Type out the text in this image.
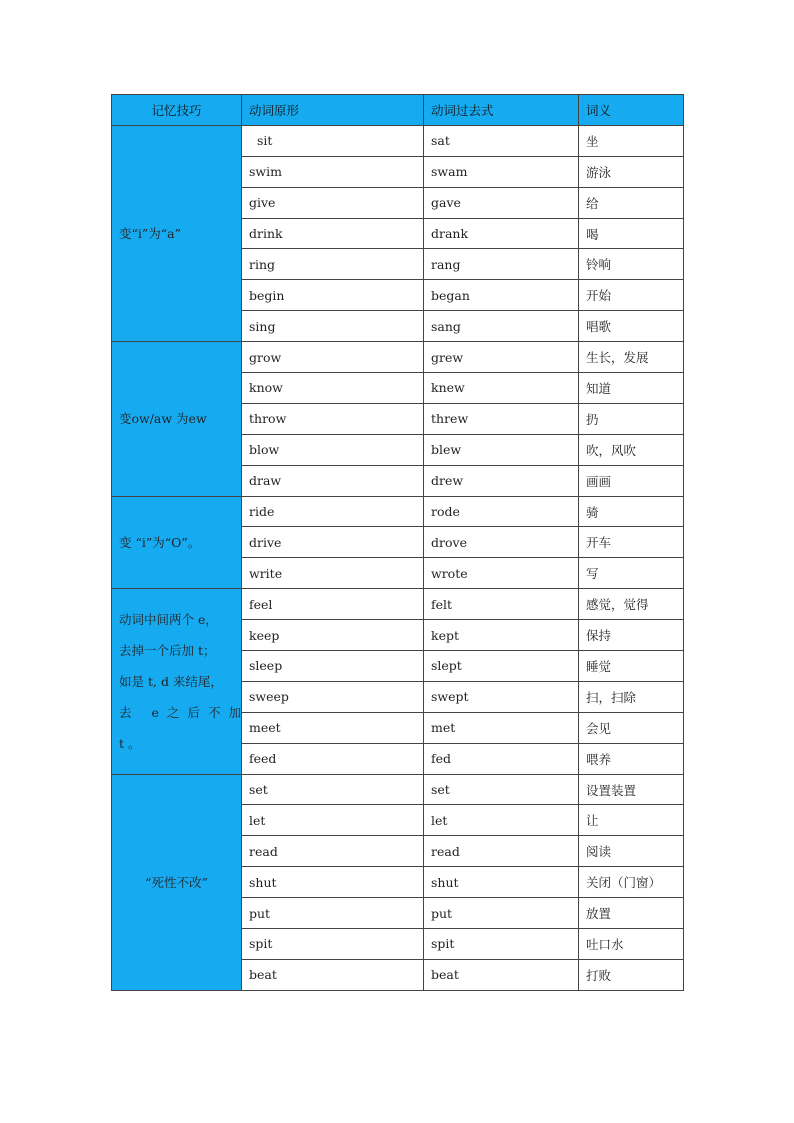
记忆技巧	动词原形	动词过去式	词义

变“i”为“a”	sit	sat	坐
	swim	swam	游泳
	give	gave	给
	drink	drank	喝
	ring	rang	铃响
	begin	began	开始
	sing	sang	唱歌

变ow/aw 为ew	grow	grew	生长，发展
	know	knew	知道
	throw	threw	扔
	blow	blew	吹，风吹
	draw	drew	画画

变 “i”为“O”。	ride	rode	骑
	drive	drove	开车
	write	wrote	写

动词中间两个 e，
去掉一个后加 t；
如是 t, d 来结尾，
去 e之后不加
t 。	feel	felt	感觉，觉得
	keep	kept	保持
	sleep	slept	睡觉
	sweep	swept	扫，扫除
	meet	met	会见
	feed	fed	喂养

“死性不改”	set	set	设置装置
	let	let	让
	read	read	阅读
	shut	shut	关闭（门窗）
	put	put	放置
	spit	spit	吐口水
	beat	beat	打败
